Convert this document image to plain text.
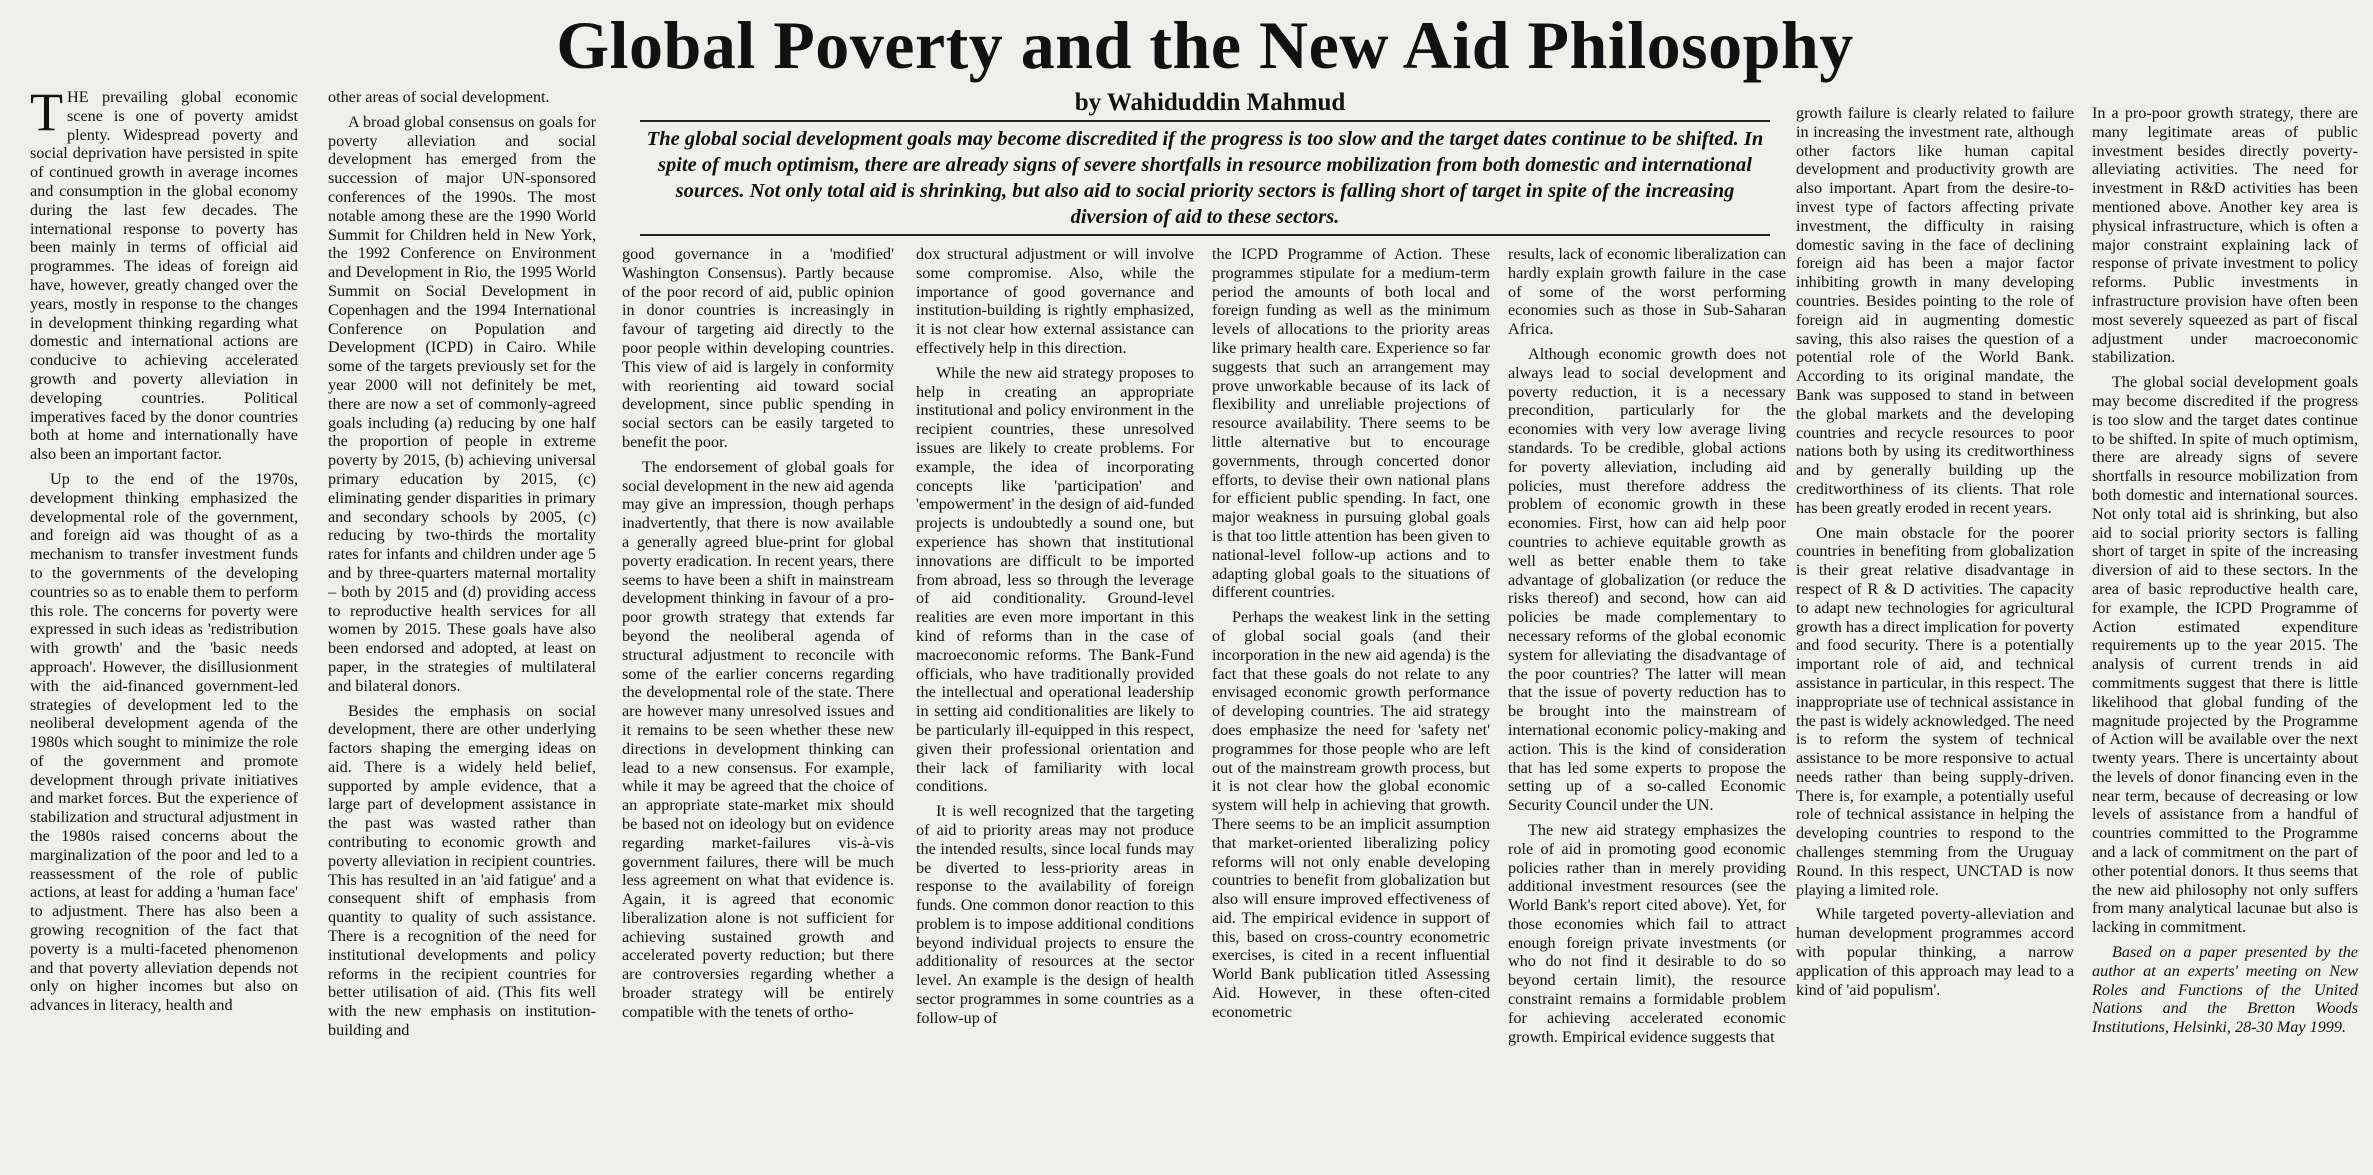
Global Poverty and the New Aid Philosophy
by Wahiduddin Mahmud
The global social development goals may become discredited if the progress is too slow and the target dates continue to be shifted. In spite of much optimism, there are already signs of severe shortfalls in resource mobilization from both domestic and international sources. Not only total aid is shrinking, but also aid to social priority sectors is falling short of target in spite of the increasing diversion of aid to these sectors.

THE prevailing global economic scene is one of poverty amidst plenty. Widespread poverty and social deprivation have persisted in spite of continued growth in average incomes and consumption in the global economy during the last few decades. The international response to poverty has been mainly in terms of official aid programmes. The ideas of foreign aid have, however, greatly changed over the years, mostly in response to the changes in development thinking regarding what domestic and international actions are conducive to achieving accelerated growth and poverty alleviation in developing countries. Political imperatives faced by the donor countries both at home and internationally have also been an important factor.

Up to the end of the 1970s, development thinking emphasized the developmental role of the government, and foreign aid was thought of as a mechanism to transfer investment funds to the governments of the developing countries so as to enable them to perform this role. The concerns for poverty were expressed in such ideas as 'redistribution with growth' and the 'basic needs approach'. However, the disillusionment with the aid-financed government-led strategies of development led to the neoliberal development agenda of the 1980s which sought to minimize the role of the government and promote development through private initiatives and market forces. But the experience of stabilization and structural adjustment in the 1980s raised concerns about the marginalization of the poor and led to a reassessment of the role of public actions, at least for adding a 'human face' to adjustment. There has also been a growing recognition of the fact that poverty is a multi-faceted phenomenon and that poverty alleviation depends not only on higher incomes but also on advances in literacy, health and

other areas of social development.

A broad global consensus on goals for poverty alleviation and social development has emerged from the succession of major UN-sponsored conferences of the 1990s. The most notable among these are the 1990 World Summit for Children held in New York, the 1992 Conference on Environment and Development in Rio, the 1995 World Summit on Social Development in Copenhagen and the 1994 International Conference on Population and Development (ICPD) in Cairo. While some of the targets previously set for the year 2000 will not definitely be met, there are now a set of commonly-agreed goals including (a) reducing by one half the proportion of people in extreme poverty by 2015, (b) achieving universal primary education by 2015, (c) eliminating gender disparities in primary and secondary schools by 2005, (c) reducing by two-thirds the mortality rates for infants and children under age 5 and by three-quarters maternal mortality – both by 2015 and (d) providing access to reproductive health services for all women by 2015. These goals have also been endorsed and adopted, at least on paper, in the strategies of multilateral and bilateral donors.

Besides the emphasis on social development, there are other underlying factors shaping the emerging ideas on aid. There is a widely held belief, supported by ample evidence, that a large part of development assistance in the past was wasted rather than contributing to economic growth and poverty alleviation in recipient countries. This has resulted in an 'aid fatigue' and a consequent shift of emphasis from quantity to quality of such assistance. There is a recognition of the need for institutional developments and policy reforms in the recipient countries for better utilisation of aid. (This fits well with the new emphasis on institution-building and

good governance in a 'modified' Washington Consensus). Partly because of the poor record of aid, public opinion in donor countries is increasingly in favour of targeting aid directly to the poor people within developing countries. This view of aid is largely in conformity with reorienting aid toward social development, since public spending in social sectors can be easily targeted to benefit the poor.

The endorsement of global goals for social development in the new aid agenda may give an impression, though perhaps inadvertently, that there is now available a generally agreed blue-print for global poverty eradication. In recent years, there seems to have been a shift in mainstream development thinking in favour of a pro-poor growth strategy that extends far beyond the neoliberal agenda of structural adjustment to reconcile with some of the earlier concerns regarding the developmental role of the state. There are however many unresolved issues and it remains to be seen whether these new directions in development thinking can lead to a new consensus. For example, while it may be agreed that the choice of an appropriate state-market mix should be based not on ideology but on evidence regarding market-failures vis-à-vis government failures, there will be much less agreement on what that evidence is. Again, it is agreed that economic liberalization alone is not sufficient for achieving sustained growth and accelerated poverty reduction; but there are controversies regarding whether a broader strategy will be entirely compatible with the tenets of ortho-

dox structural adjustment or will involve some compromise. Also, while the importance of good governance and institution-building is rightly emphasized, it is not clear how external assistance can effectively help in this direction.

While the new aid strategy proposes to help in creating an appropriate institutional and policy environment in the recipient countries, these unresolved issues are likely to create problems. For example, the idea of incorporating concepts like 'participation' and 'empowerment' in the design of aid-funded projects is undoubtedly a sound one, but experience has shown that institutional innovations are difficult to be imported from abroad, less so through the leverage of aid conditionality. Ground-level realities are even more important in this kind of reforms than in the case of macroeconomic reforms. The Bank-Fund officials, who have traditionally provided the intellectual and operational leadership in setting aid conditionalities are likely to be particularly ill-equipped in this respect, given their professional orientation and their lack of familiarity with local conditions.

It is well recognized that the targeting of aid to priority areas may not produce the intended results, since local funds may be diverted to less-priority areas in response to the availability of foreign funds. One common donor reaction to this problem is to impose additional conditions beyond individual projects to ensure the additionality of resources at the sector level. An example is the design of health sector programmes in some countries as a follow-up of

the ICPD Programme of Action. These programmes stipulate for a medium-term period the amounts of both local and foreign funding as well as the minimum levels of allocations to the priority areas like primary health care. Experience so far suggests that such an arrangement may prove unworkable because of its lack of flexibility and unreliable projections of resource availability. There seems to be little alternative but to encourage governments, through concerted donor efforts, to devise their own national plans for efficient public spending. In fact, one major weakness in pursuing global goals is that too little attention has been given to national-level follow-up actions and to adapting global goals to the situations of different countries.

Perhaps the weakest link in the setting of global social goals (and their incorporation in the new aid agenda) is the fact that these goals do not relate to any envisaged economic growth performance of developing countries. The aid strategy does emphasize the need for 'safety net' programmes for those people who are left out of the mainstream growth process, but it is not clear how the global economic system will help in achieving that growth. There seems to be an implicit assumption that market-oriented liberalizing policy reforms will not only enable developing countries to benefit from globalization but also will ensure improved effectiveness of aid. The empirical evidence in support of this, based on cross-country econometric exercises, is cited in a recent influential World Bank publication titled Assessing Aid. However, in these often-cited econometric

results, lack of economic liberalization can hardly explain growth failure in the case of some of the worst performing economies such as those in Sub-Saharan Africa.

Although economic growth does not always lead to social development and poverty reduction, it is a necessary precondition, particularly for the economies with very low average living standards. To be credible, global actions for poverty alleviation, including aid policies, must therefore address the problem of economic growth in these economies. First, how can aid help poor countries to achieve equitable growth as well as better enable them to take advantage of globalization (or reduce the risks thereof) and second, how can aid policies be made complementary to necessary reforms of the global economic system for alleviating the disadvantage of the poor countries? The latter will mean that the issue of poverty reduction has to be brought into the mainstream of international economic policy-making and action. This is the kind of consideration that has led some experts to propose the setting up of a so-called Economic Security Council under the UN.

The new aid strategy emphasizes the role of aid in promoting good economic policies rather than in merely providing additional investment resources (see the World Bank's report cited above). Yet, for those economies which fail to attract enough foreign private investments (or who do not find it desirable to do so beyond certain limit), the resource constraint remains a formidable problem for achieving accelerated economic growth. Empirical evidence suggests that

growth failure is clearly related to failure in increasing the investment rate, although other factors like human capital development and productivity growth are also important. Apart from the desire-to-invest type of factors affecting private investment, the difficulty in raising domestic saving in the face of declining foreign aid has been a major factor inhibiting growth in many developing countries. Besides pointing to the role of foreign aid in augmenting domestic saving, this also raises the question of a potential role of the World Bank. According to its original mandate, the Bank was supposed to stand in between the global markets and the developing countries and recycle resources to poor nations both by using its creditworthiness and by generally building up the creditworthiness of its clients. That role has been greatly eroded in recent years.

One main obstacle for the poorer countries in benefiting from globalization is their great relative disadvantage in respect of R & D activities. The capacity to adapt new technologies for agricultural growth has a direct implication for poverty and food security. There is a potentially important role of aid, and technical assistance in particular, in this respect. The inappropriate use of technical assistance in the past is widely acknowledged. The need is to reform the system of technical assistance to be more responsive to actual needs rather than being supply-driven. There is, for example, a potentially useful role of technical assistance in helping the developing countries to respond to the challenges stemming from the Uruguay Round. In this respect, UNCTAD is now playing a limited role.

While targeted poverty-alleviation and human development programmes accord with popular thinking, a narrow application of this approach may lead to a kind of 'aid populism'.

In a pro-poor growth strategy, there are many legitimate areas of public investment besides directly poverty-alleviating activities. The need for investment in R&D activities has been mentioned above. Another key area is physical infrastructure, which is often a major constraint explaining lack of response of private investment to policy reforms. Public investments in infrastructure provision have often been most severely squeezed as part of fiscal adjustment under macroeconomic stabilization.

The global social development goals may become discredited if the progress is too slow and the target dates continue to be shifted. In spite of much optimism, there are already signs of severe shortfalls in resource mobilization from both domestic and international sources. Not only total aid is shrinking, but also aid to social priority sectors is falling short of target in spite of the increasing diversion of aid to these sectors. In the area of basic reproductive health care, for example, the ICPD Programme of Action estimated expenditure requirements up to the year 2015. The analysis of current trends in aid commitments suggest that there is little likelihood that global funding of the magnitude projected by the Programme of Action will be available over the next twenty years. There is uncertainty about the levels of donor financing even in the near term, because of decreasing or low levels of assistance from a handful of countries committed to the Programme and a lack of commitment on the part of other potential donors. It thus seems that the new aid philosophy not only suffers from many analytical lacunae but also is lacking in commitment.

Based on a paper presented by the author at an experts' meeting on New Roles and Functions of the United Nations and the Bretton Woods Institutions, Helsinki, 28-30 May 1999.
